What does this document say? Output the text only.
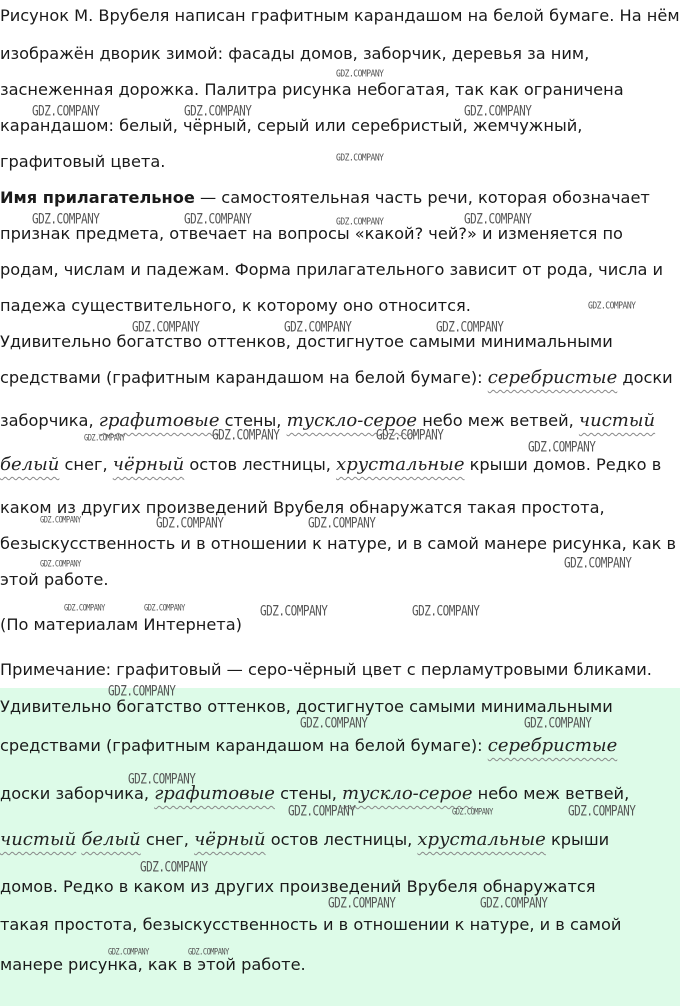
Рисунок М. Врубеля написан графитным карандашом на белой бумаге. На нём
изображён дворик зимой: фасады домов, заборчик, деревья за ним,
заснеженная дорожка. Палитра рисунка небогатая, так как ограничена
карандашом: белый, чёрный, серый или серебристый, жемчужный,
графитовый цвета.
Имя прилагательное — самостоятельная часть речи, которая обозначает
признак предмета, отвечает на вопросы «какой? чей?» и изменяется по
родам, числам и падежам. Форма прилагательного зависит от рода, числа и
падежа существительного, к которому оно относится.
Удивительно богатство оттенков, достигнутое самыми минимальными
средствами (графитным карандашом на белой бумаге): серебристые доски
заборчика, графитовые стены, тускло-серое небо меж ветвей, чистый
белый снег, чёрный остов лестницы, хрустальные крыши домов. Редко в
каком из других произведений Врубеля обнаружатся такая простота,
безыскусственность и в отношении к натуре, и в самой манере рисунка, как в
этой работе.
(По материалам Интернета)
Примечание: графитовый — серо-чёрный цвет с перламутровыми бликами.
Удивительно богатство оттенков, достигнутое самыми минимальными
средствами (графитным карандашом на белой бумаге): серебристые
доски заборчика, графитовые стены, тускло-серое небо меж ветвей,
чистый белый снег, чёрный остов лестницы, хрустальные крыши
домов. Редко в каком из других произведений Врубеля обнаружатся
такая простота, безыскусственность и в отношении к натуре, и в самой
манере рисунка, как в этой работе.
GDZ.COMPANY
GDZ.COMPANY	GDZ.COMPANY	GDZ.COMPANY
GDZ.COMPANY
GDZ.COMPANY	GDZ.COMPANY	GDZ.COMPANY	GDZ.COMPANY
GDZ.COMPANY
GDZ.COMPANY	GDZ.COMPANY	GDZ.COMPANY
GDZ.COMPANY	GDZ.COMPANY	GDZ.COMPANY
GDZ.COMPANY
GDZ.COMPANY	GDZ.COMPANY	GDZ.COMPANY
GDZ.COMPANY	GDZ.COMPANY
GDZ.COMPANY	GDZ.COMPANY	GDZ.COMPANY	GDZ.COMPANY
GDZ.COMPANY
GDZ.COMPANY	GDZ.COMPANY
GDZ.COMPANY
GDZ.COMPANY	GDZ.COMPANY	GDZ.COMPANY
GDZ.COMPANY
GDZ.COMPANY	GDZ.COMPANY
GDZ.COMPANY	GDZ.COMPANY
